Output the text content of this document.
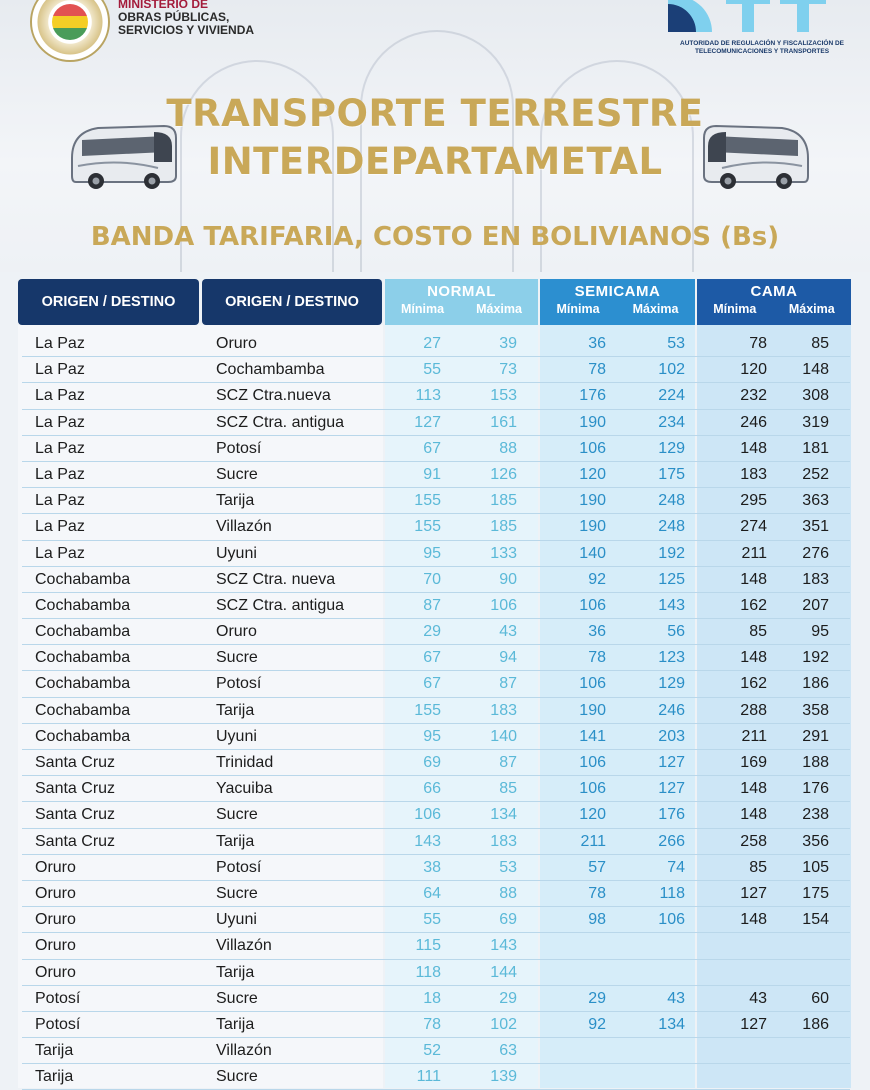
MINISTERIO DE
OBRAS PÚBLICAS,
SERVICIOS Y VIVIENDA
AUTORIDAD DE REGULACIÓN Y FISCALIZACIÓN DE TELECOMUNICACIONES Y TRANSPORTES
TRANSPORTE TERRESTRE
INTERDEPARTAMETAL
BANDA TARIFARIA, COSTO EN BOLIVIANOS (Bs)
ORIGEN / DESTINO	ORIGEN / DESTINO
NORMAL
Mínima	Máxima
SEMICAMA
Mínima	Máxima
CAMA
Mínima	Máxima
La Paz	Oruro	27	39	36	53	78	85
La Paz	Cochambamba	55	73	78	102	120	148
La Paz	SCZ Ctra.nueva	113	153	176	224	232	308
La Paz	SCZ Ctra. antigua	127	161	190	234	246	319
La Paz	Potosí	67	88	106	129	148	181
La Paz	Sucre	91	126	120	175	183	252
La Paz	Tarija	155	185	190	248	295	363
La Paz	Villazón	155	185	190	248	274	351
La Paz	Uyuni	95	133	140	192	211	276
Cochabamba	SCZ Ctra. nueva	70	90	92	125	148	183
Cochabamba	SCZ Ctra. antigua	87	106	106	143	162	207
Cochabamba	Oruro	29	43	36	56	85	95
Cochabamba	Sucre	67	94	78	123	148	192
Cochabamba	Potosí	67	87	106	129	162	186
Cochabamba	Tarija	155	183	190	246	288	358
Cochabamba	Uyuni	95	140	141	203	211	291
Santa Cruz	Trinidad	69	87	106	127	169	188
Santa Cruz	Yacuiba	66	85	106	127	148	176
Santa Cruz	Sucre	106	134	120	176	148	238
Santa Cruz	Tarija	143	183	211	266	258	356
Oruro	Potosí	38	53	57	74	85	105
Oruro	Sucre	64	88	78	118	127	175
Oruro	Uyuni	55	69	98	106	148	154
Oruro	Villazón	115	143
Oruro	Tarija	118	144
Potosí	Sucre	18	29	29	43	43	60
Potosí	Tarija	78	102	92	134	127	186
Tarija	Villazón	52	63
Tarija	Sucre	111	139
